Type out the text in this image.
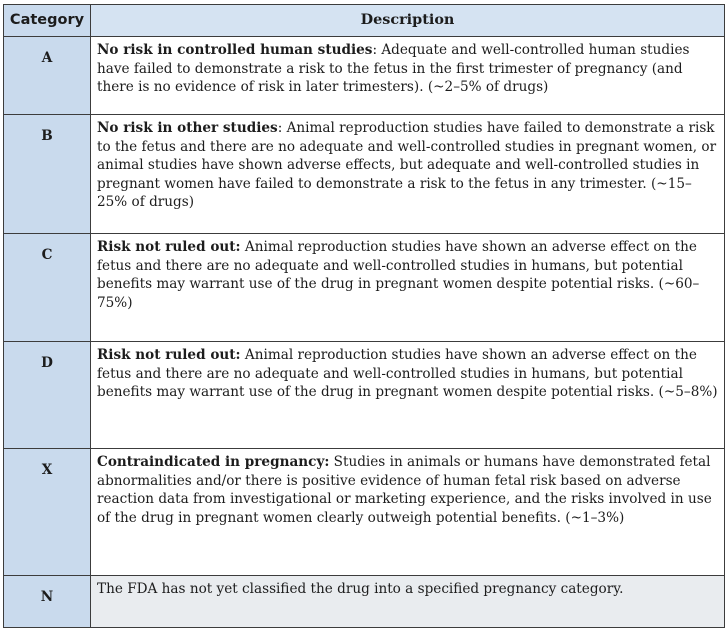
Category	Description
A	No risk in controlled human studies: Adequate and well-controlled human studies have failed to demonstrate a risk to the fetus in the first trimester of pregnancy (and there is no evidence of risk in later trimesters). (~2–5% of drugs)
B	No risk in other studies: Animal reproduction studies have failed to demonstrate a risk to the fetus and there are no adequate and well-controlled studies in pregnant women, or animal studies have shown adverse effects, but adequate and well-controlled studies in pregnant women have failed to demonstrate a risk to the fetus in any trimester. (~15–25% of drugs)
C	Risk not ruled out: Animal reproduction studies have shown an adverse effect on the fetus and there are no adequate and well-controlled studies in humans, but potential benefits may warrant use of the drug in pregnant women despite potential risks. (~60–75%)
D	Risk not ruled out: Animal reproduction studies have shown an adverse effect on the fetus and there are no adequate and well-controlled studies in humans, but potential benefits may warrant use of the drug in pregnant women despite potential risks. (~5–8%)
X	Contraindicated in pregnancy: Studies in animals or humans have demonstrated fetal abnormalities and/or there is positive evidence of human fetal risk based on adverse reaction data from investigational or marketing experience, and the risks involved in use of the drug in pregnant women clearly outweigh potential benefits. (~1–3%)
N	The FDA has not yet classified the drug into a specified pregnancy category.
